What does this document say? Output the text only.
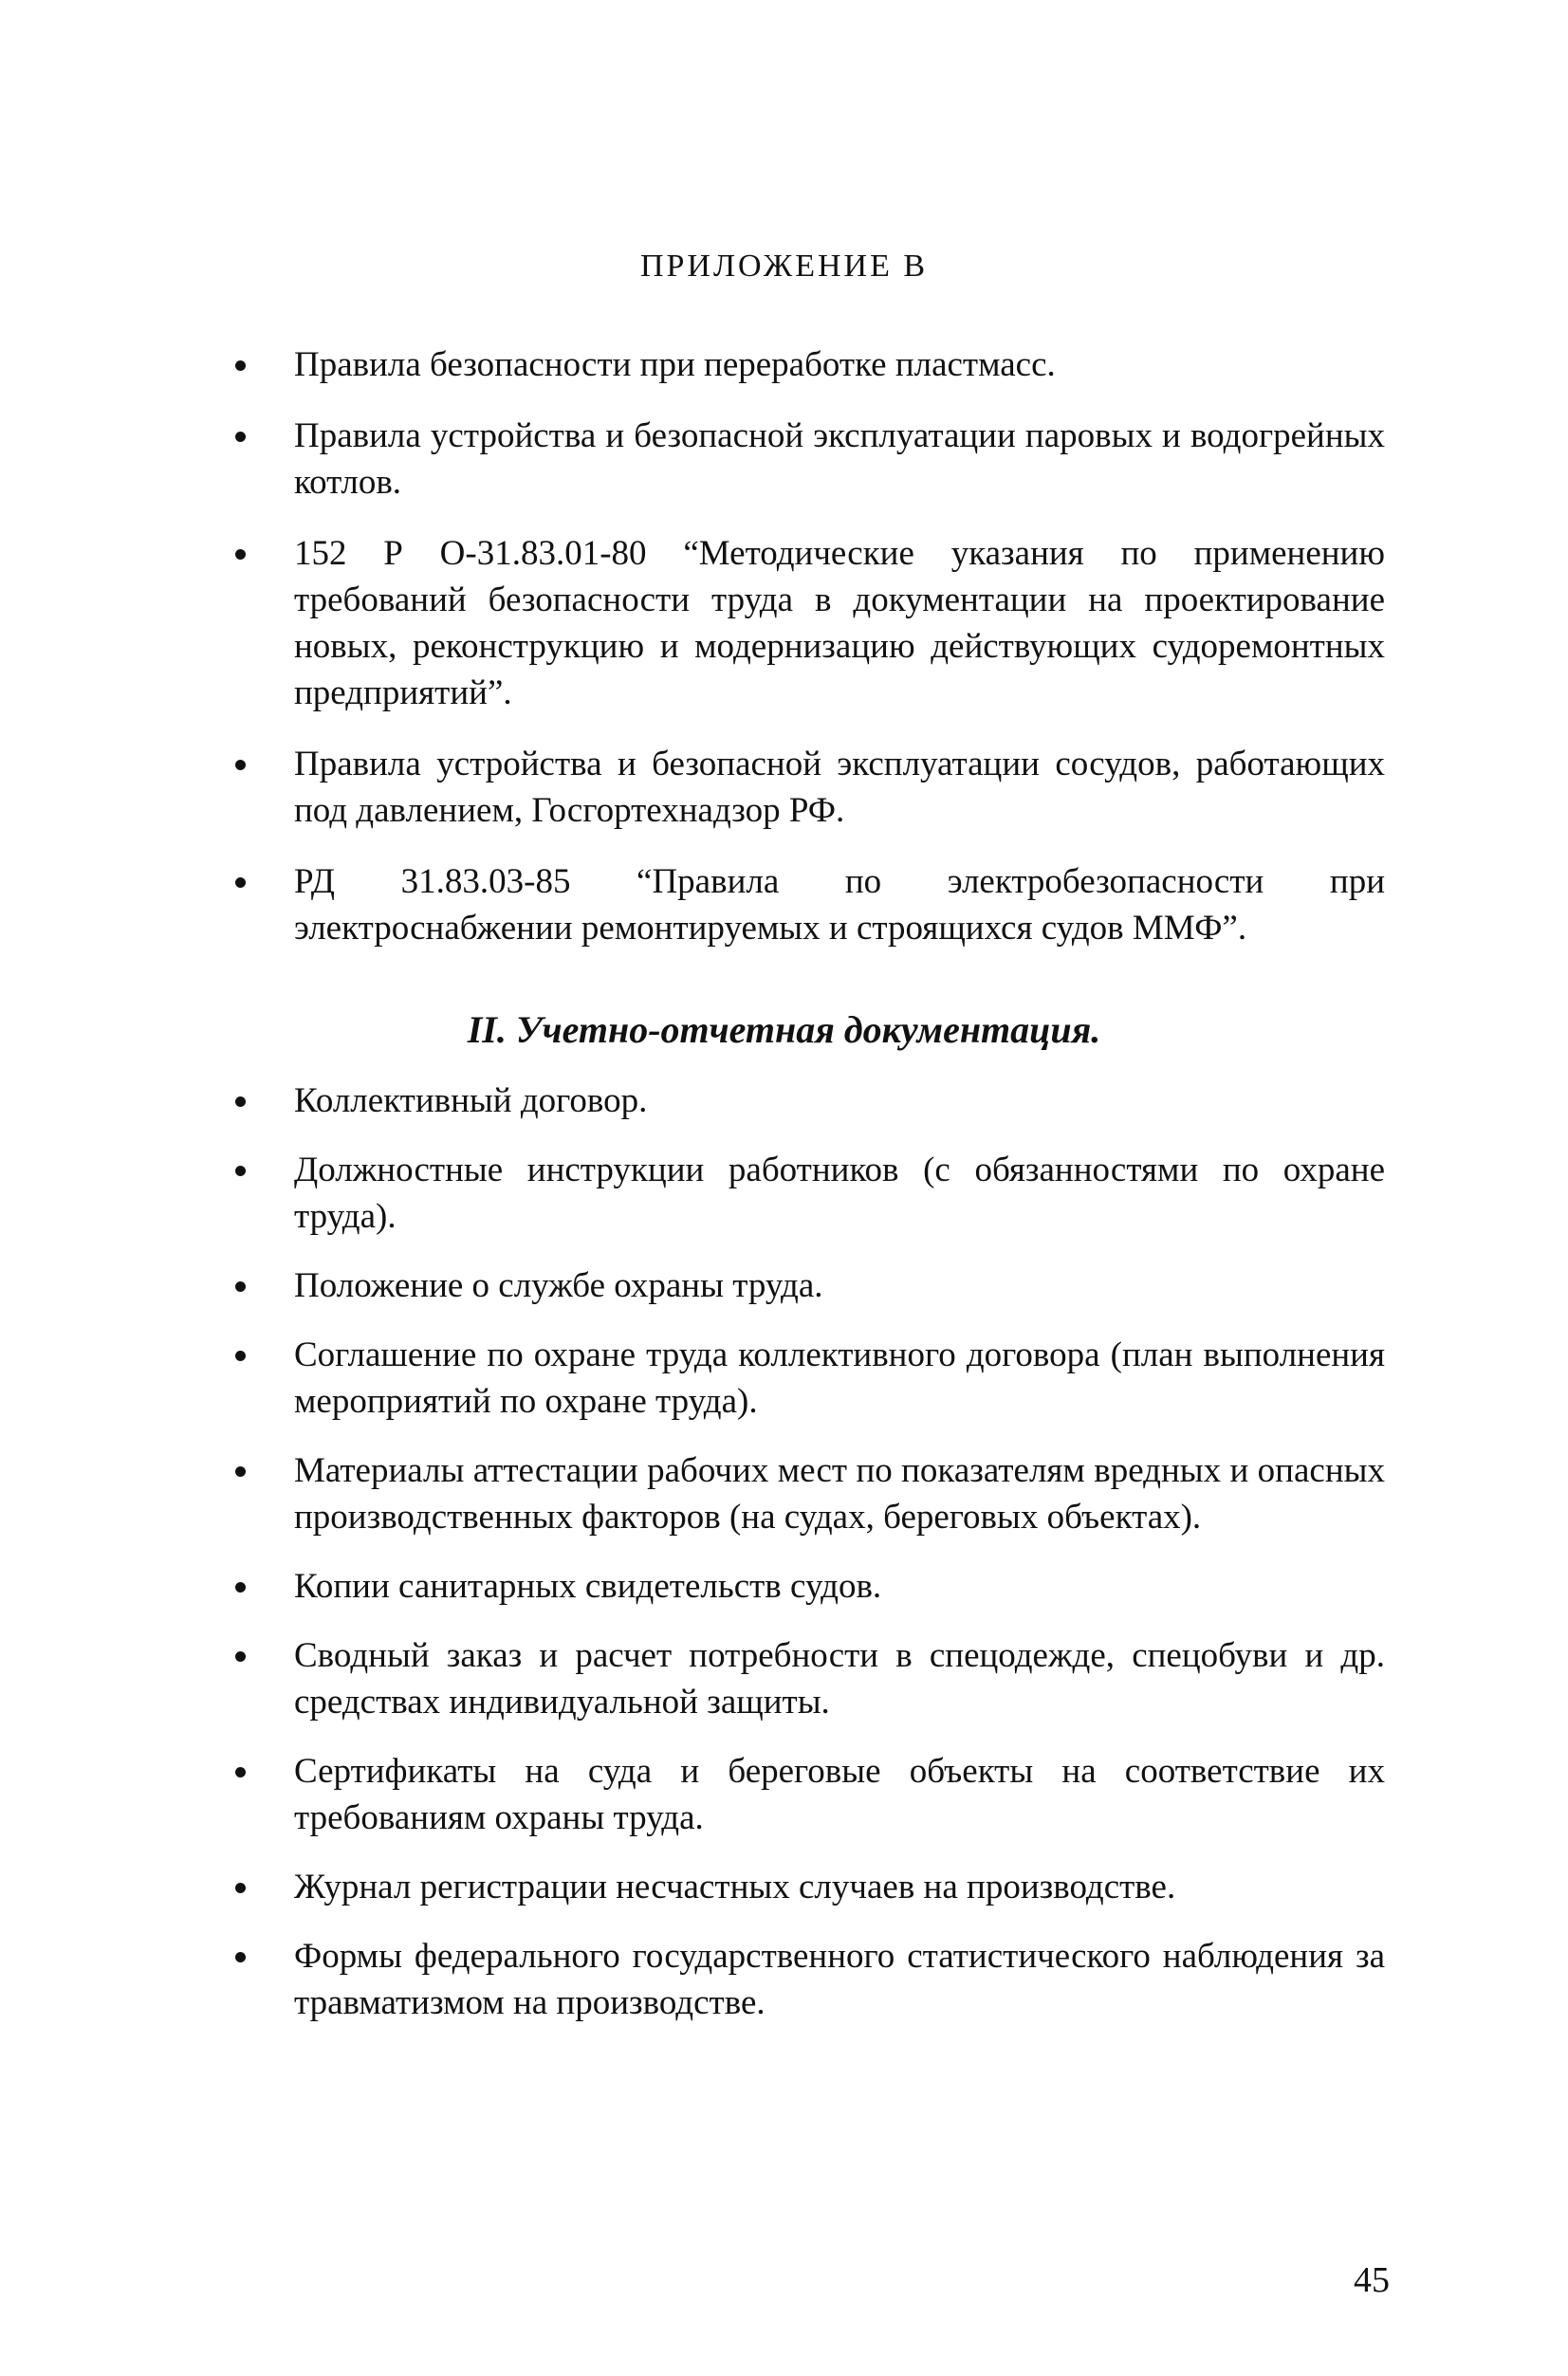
ПРИЛОЖЕНИЕ В
Правила безопасности при переработке пластмасс.
Правила устройства и безопасной эксплуатации паровых и водогрейных котлов.
152 Р О-31.83.01-80 “Методические указания по применению требований безопасности труда в документации на проектирование новых, реконструкцию и модернизацию действующих судоремонтных предприятий”.
Правила устройства и безопасной эксплуатации сосудов, работающих под давлением, Госгортехнадзор РФ.
РД 31.83.03-85 “Правила по электробезопасности при электроснабжении ремонтируемых и строящихся судов ММФ”.
II. Учетно-отчетная документация.
Коллективный договор.
Должностные инструкции работников (с обязанностями по охране труда).
Положение о службе охраны труда.
Соглашение по охране труда коллективного договора (план выполнения мероприятий по охране труда).
Материалы аттестации рабочих мест по показателям вредных и опасных производственных факторов (на судах, береговых объектах).
Копии санитарных свидетельств судов.
Сводный заказ и расчет потребности в спецодежде, спецобуви и др. средствах индивидуальной защиты.
Сертификаты на суда и береговые объекты на соответствие их требованиям охраны труда.
Журнал регистрации несчастных случаев на производстве.
Формы федерального государственного статистического наблюдения за травматизмом на производстве.
45
